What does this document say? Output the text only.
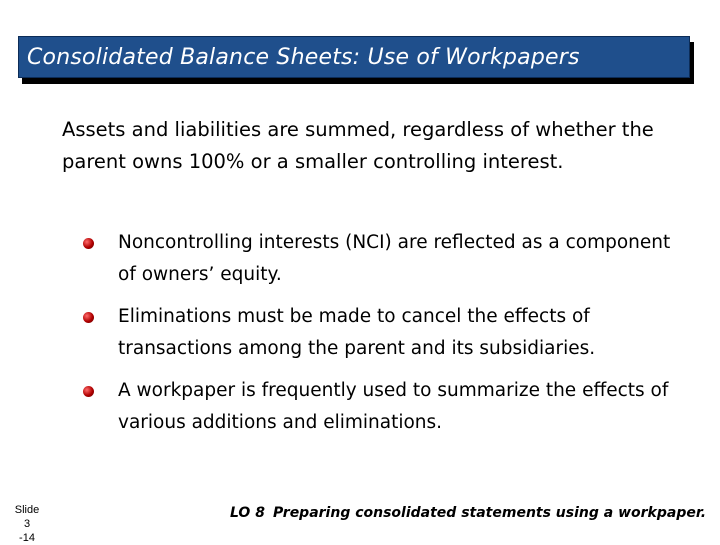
Consolidated Balance Sheets: Use of Workpapers
Assets and liabilities are summed, regardless of whether the parent owns 100% or a smaller controlling interest.
Noncontrolling interests (NCI) are reflected as a component of owners’ equity.
Eliminations must be made to cancel the effects of transactions among the parent and its subsidiaries.
A workpaper is frequently used to summarize the effects of various additions and eliminations.
Slide 3
-14
LO 8 Preparing consolidated statements using a workpaper.
